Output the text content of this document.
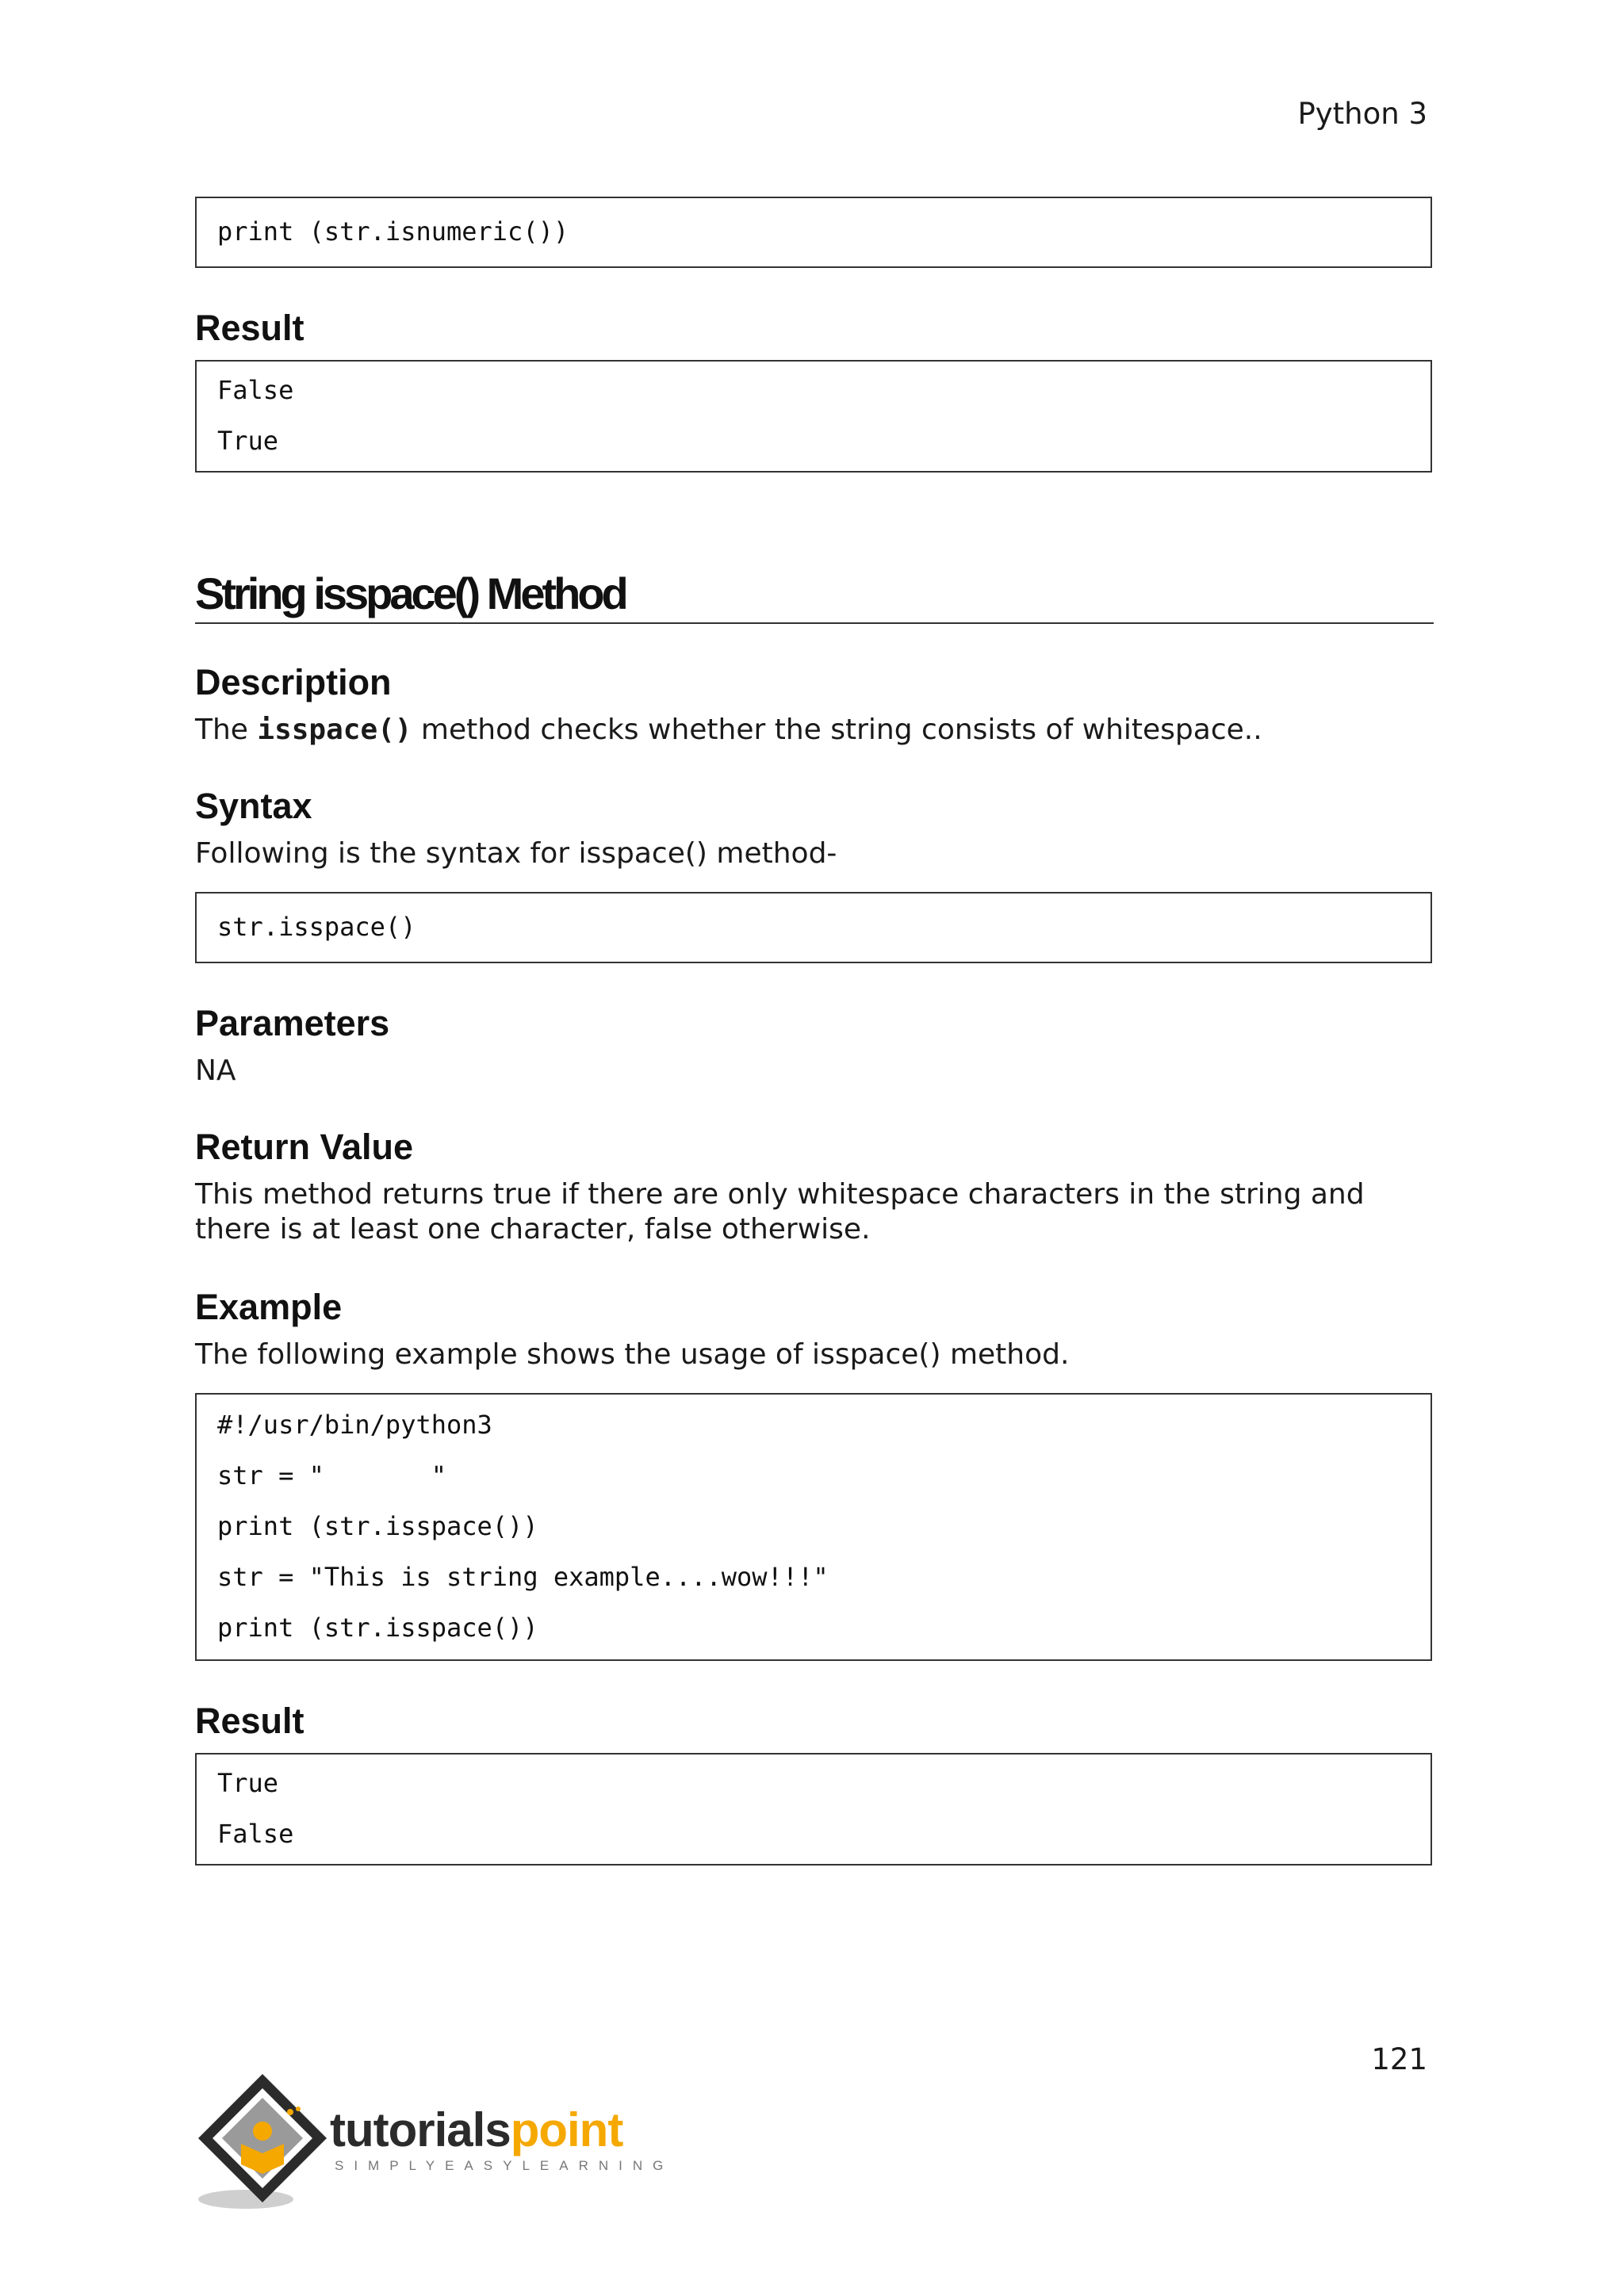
Python 3
print (str.isnumeric())
Result
False
True
String isspace() Method
Description

The isspace() method checks whether the string consists of whitespace..

Syntax

Following is the syntax for isspace() method-

str.isspace()
Parameters

NA

Return Value

This method returns true if there are only whitespace characters in the string and there is at least one character, false otherwise.

Example

The following example shows the usage of isspace() method.

#!/usr/bin/python3
str = "       "
print (str.isspace())
str = "This is string example....wow!!!"
print (str.isspace())
Result
True
False
121
tutorialspoint
SIMPLYEASYLEARNING
